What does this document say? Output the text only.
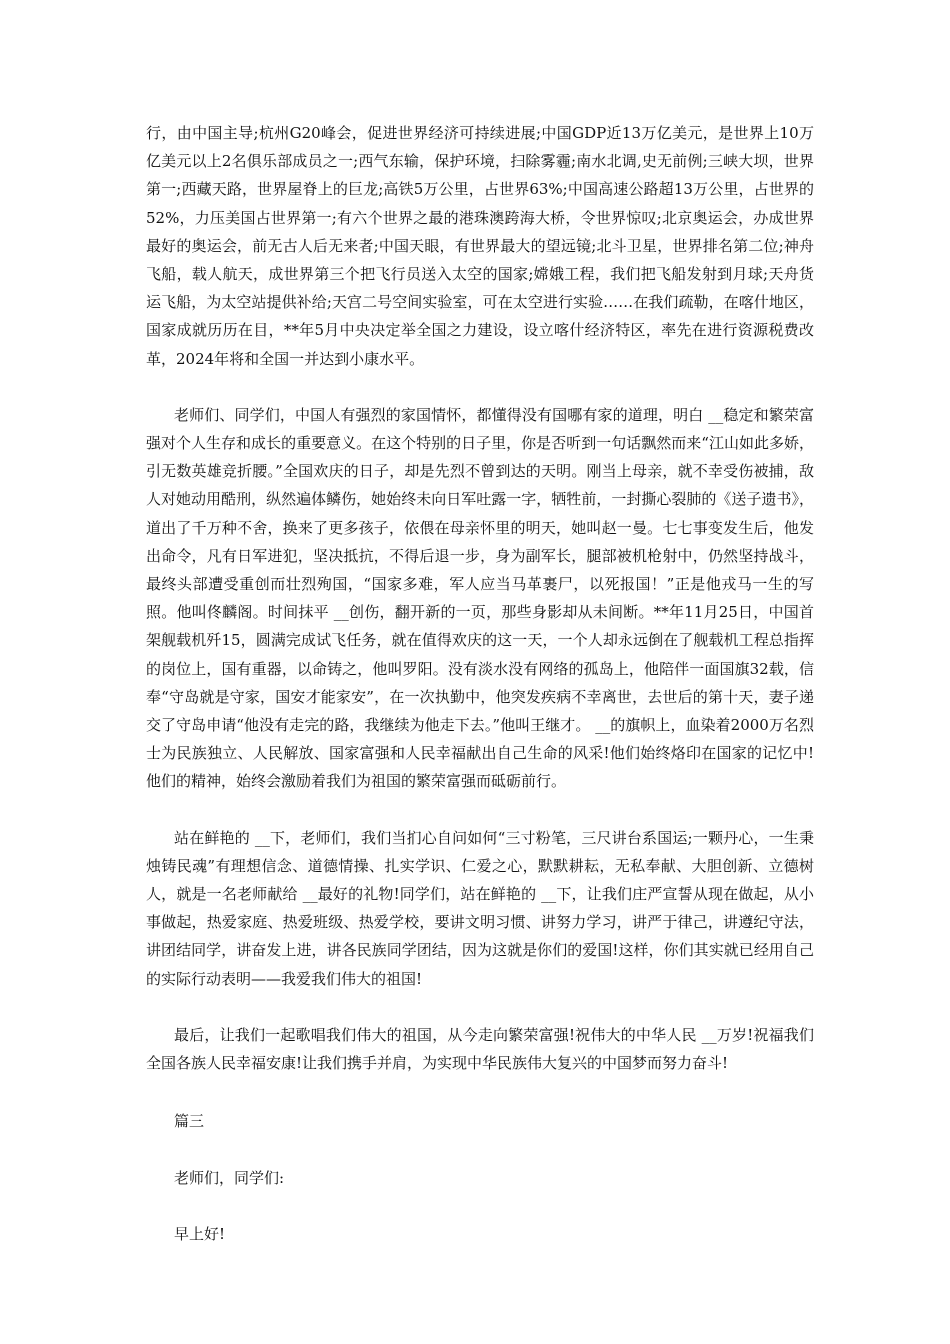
行，由中国主导;杭州G20峰会，促进世界经济可持续进展;中国GDP近13万亿美元，是世界上10万亿美元以上2名俱乐部成员之一;西气东输，保护环境，扫除雾霾;南水北调,史无前例;三峡大坝，世界第一;西藏天路，世界屋脊上的巨龙;高铁5万公里，占世界63%;中国高速公路超13万公里，占世界的52%，力压美国占世界第一;有六个世界之最的港珠澳跨海大桥，令世界惊叹;北京奥运会，办成世界最好的奥运会，前无古人后无来者;中国天眼，有世界最大的望远镜;北斗卫星，世界排名第二位;神舟飞船，载人航天，成世界第三个把飞行员送入太空的国家;嫦娥工程，我们把飞船发射到月球;天舟货运飞船，为太空站提供补给;天宫二号空间实验室，可在太空进行实验……在我们疏勒，在喀什地区，国家成就历历在目，**年5月中央决定举全国之力建设，设立喀什经济特区，率先在进行资源税费改革，2024年将和全国一并达到小康水平。

老师们、同学们，中国人有强烈的家国情怀，都懂得没有国哪有家的道理，明白 __稳定和繁荣富强对个人生存和成长的重要意义。在这个特别的日子里，你是否听到一句话飘然而来“江山如此多娇，引无数英雄竞折腰。”全国欢庆的日子，却是先烈不曾到达的天明。刚当上母亲，就不幸受伤被捕，敌人对她动用酷刑，纵然遍体鳞伤，她始终未向日军吐露一字，牺牲前，一封撕心裂肺的《送子遗书》，道出了千万种不舍，换来了更多孩子，依偎在母亲怀里的明天，她叫赵一曼。七七事变发生后，他发出命令，凡有日军进犯，坚决抵抗，不得后退一步，身为副军长，腿部被机枪射中，仍然坚持战斗，最终头部遭受重创而壮烈殉国，“国家多难，军人应当马革裹尸，以死报国！”正是他戎马一生的写照。他叫佟麟阁。时间抹平 __创伤，翻开新的一页，那些身影却从未间断。**年11月25日，中国首架舰载机歼15，圆满完成试飞任务，就在值得欢庆的这一天，一个人却永远倒在了舰载机工程总指挥的岗位上，国有重器，以命铸之，他叫罗阳。没有淡水没有网络的孤岛上，他陪伴一面国旗32载，信奉“守岛就是守家，国安才能家安”，在一次执勤中，他突发疾病不幸离世，去世后的第十天，妻子递交了守岛申请“他没有走完的路，我继续为他走下去。”他叫王继才。 __的旗帜上，血染着2000万名烈士为民族独立、人民解放、国家富强和人民幸福献出自己生命的风采!他们始终烙印在国家的记忆中!他们的精神，始终会激励着我们为祖国的繁荣富强而砥砺前行。

站在鲜艳的 __下，老师们，我们当扪心自问如何“三寸粉笔，三尺讲台系国运;一颗丹心，一生秉烛铸民魂”有理想信念、道德情操、扎实学识、仁爱之心，默默耕耘，无私奉献、大胆创新、立德树人，就是一名老师献给 __最好的礼物!同学们，站在鲜艳的 __下，让我们庄严宣誓从现在做起，从小事做起，热爱家庭、热爱班级、热爱学校，要讲文明习惯、讲努力学习，讲严于律己，讲遵纪守法，讲团结同学，讲奋发上进，讲各民族同学团结，因为这就是你们的爱国!这样，你们其实就已经用自己的实际行动表明——我爱我们伟大的祖国!

最后，让我们一起歌唱我们伟大的祖国，从今走向繁荣富强!祝伟大的中华人民 __万岁!祝福我们全国各族人民幸福安康!让我们携手并肩，为实现中华民族伟大复兴的中国梦而努力奋斗!

篇三

老师们，同学们:

早上好!
